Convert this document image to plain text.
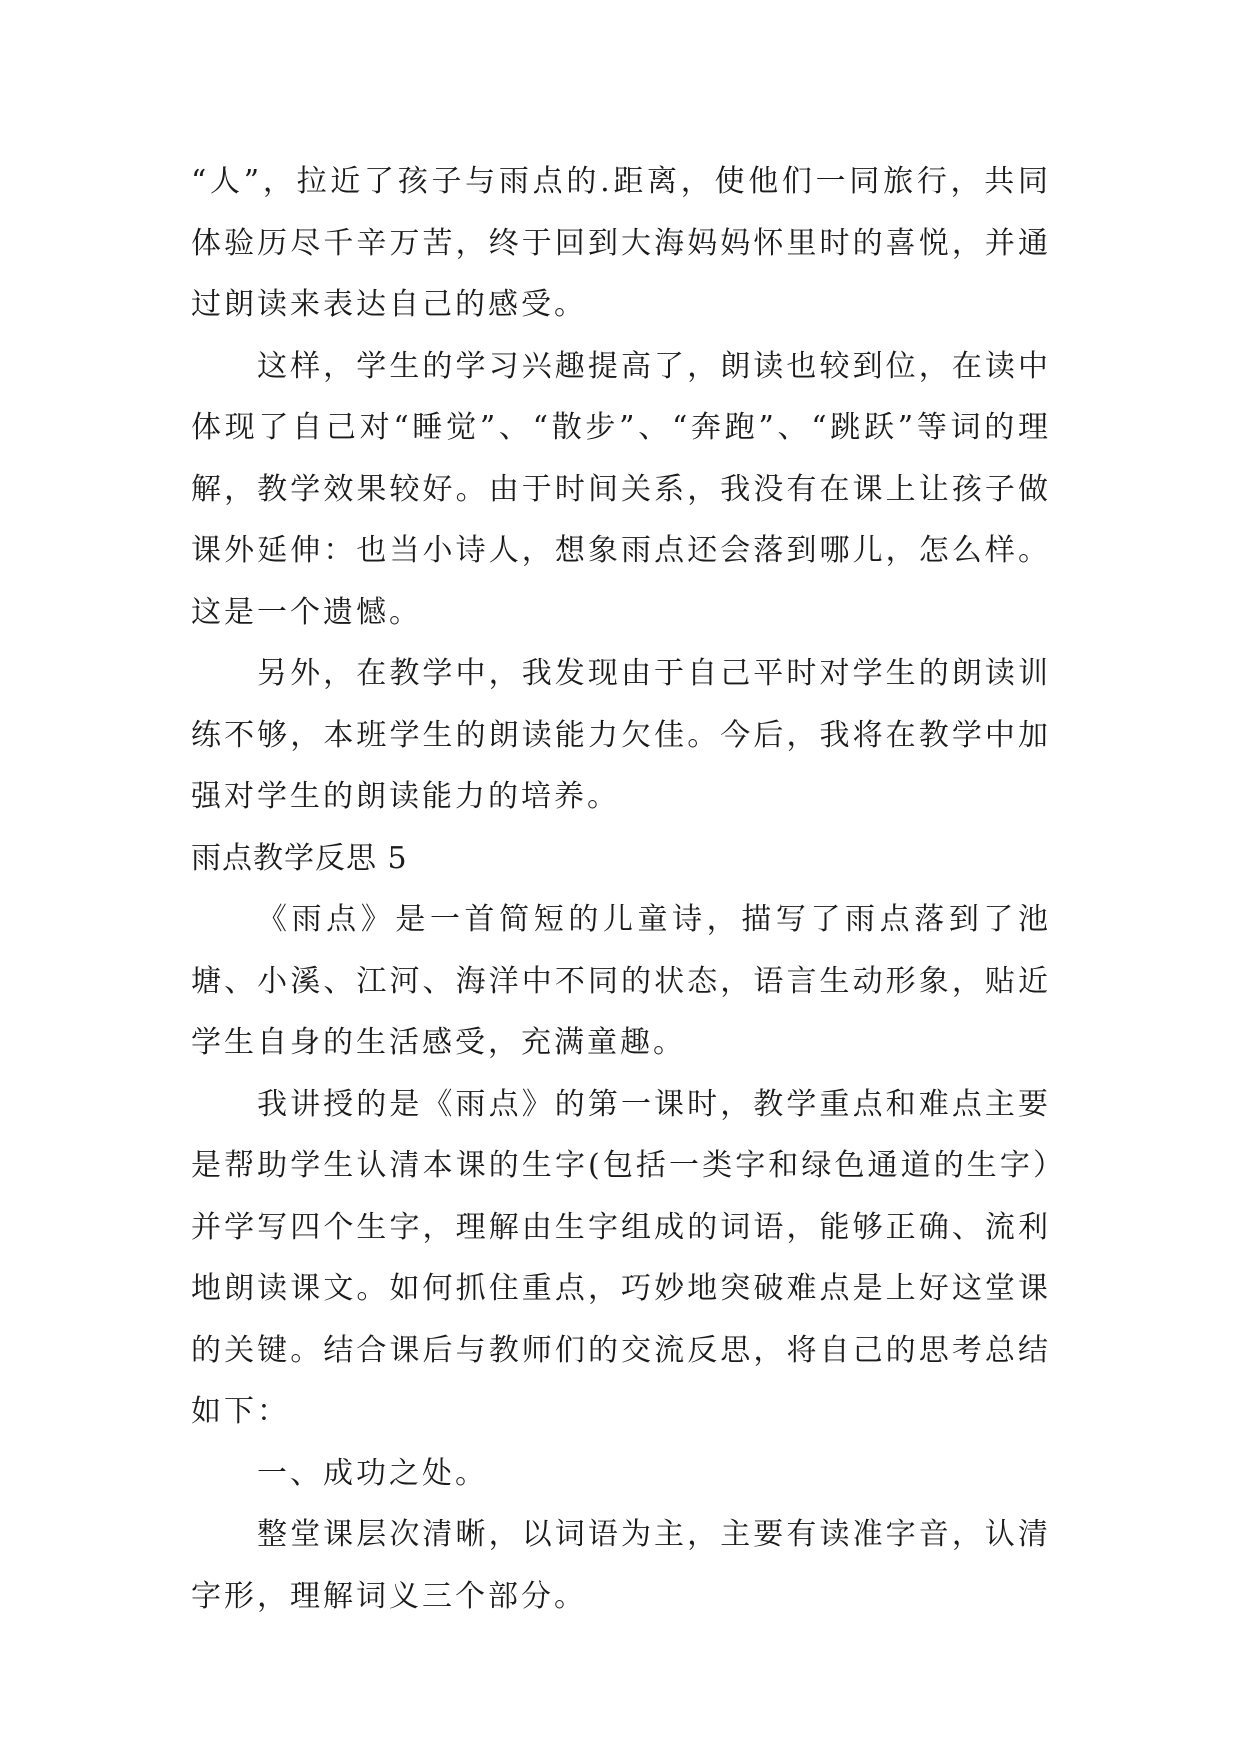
“人”，拉近了孩子与雨点的.距离，使他们一同旅行，共同体验历尽千辛万苦，终于回到大海妈妈怀里时的喜悦，并通过朗读来表达自己的感受。

这样，学生的学习兴趣提高了，朗读也较到位，在读中体现了自己对“睡觉”、“散步”、“奔跑”、“跳跃”等词的理解，教学效果较好。由于时间关系，我没有在课上让孩子做课外延伸：也当小诗人，想象雨点还会落到哪儿，怎么样。这是一个遗憾。

另外，在教学中，我发现由于自己平时对学生的朗读训练不够，本班学生的朗读能力欠佳。今后，我将在教学中加强对学生的朗读能力的培养。

雨点教学反思 5

《雨点》是一首简短的儿童诗，描写了雨点落到了池塘、小溪、江河、海洋中不同的状态，语言生动形象，贴近学生自身的生活感受，充满童趣。

我讲授的是《雨点》的第一课时，教学重点和难点主要是帮助学生认清本课的生字(包括一类字和绿色通道的生字）并学写四个生字，理解由生字组成的词语，能够正确、流利地朗读课文。如何抓住重点，巧妙地突破难点是上好这堂课的关键。结合课后与教师们的交流反思，将自己的思考总结如下：

一、成功之处。

整堂课层次清晰，以词语为主，主要有读准字音，认清字形，理解词义三个部分。
